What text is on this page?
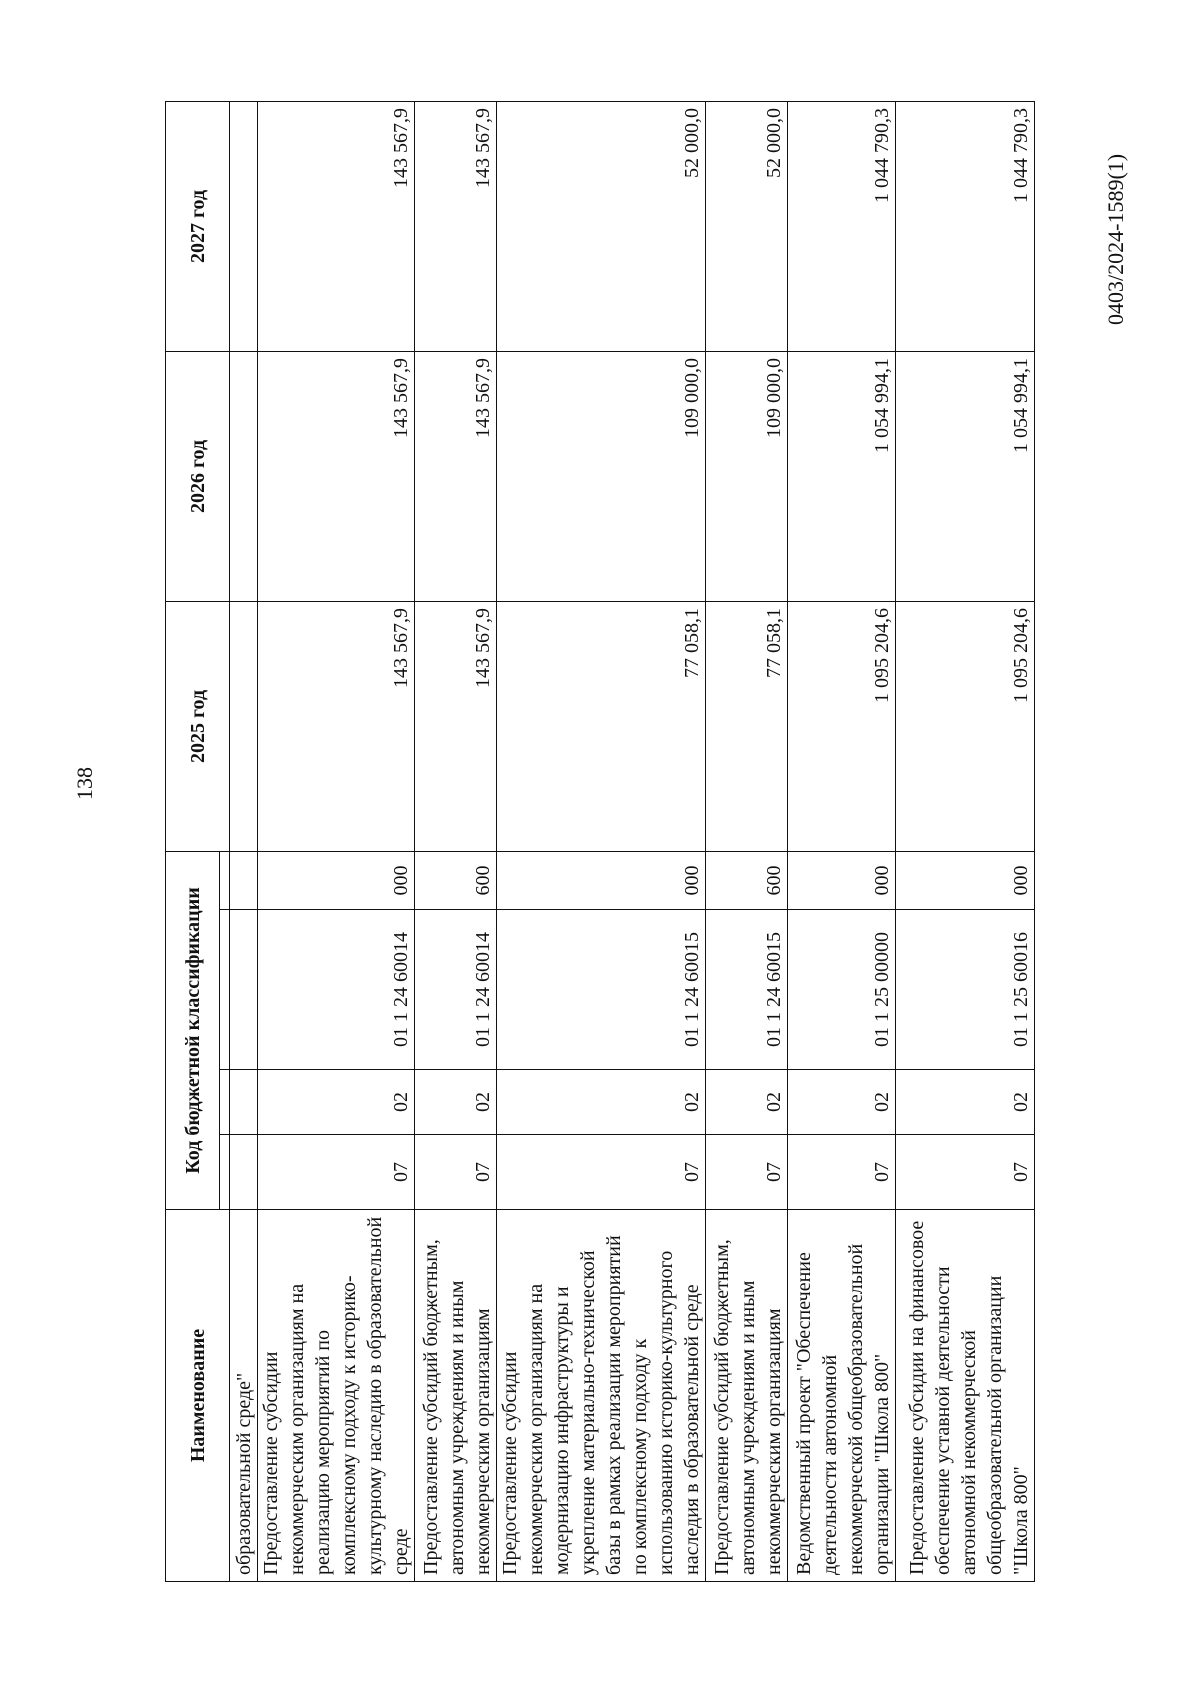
138
0403/2024-1589(1)
Наименование	Код бюджетной классификации				2025 год	2026 год	2027 год

образовательной среде"							
Предоставление субсидии некоммерческим организациям на реализацию мероприятий по комплексному подходу к историко-культурному наследию в образовательной среде	07	02	01 1 24 60014	000	143 567,9	143 567,9	143 567,9
Предоставление субсидий бюджетным, автономным учреждениям и иным некоммерческим организациям	07	02	01 1 24 60014	600	143 567,9	143 567,9	143 567,9
Предоставление субсидии некоммерческим организациям на модернизацию инфраструктуры и укрепление материально-технической базы в рамках реализации мероприятий по комплексному подходу к использованию историко-культурного наследия в образовательной среде	07	02	01 1 24 60015	000	77 058,1	109 000,0	52 000,0
Предоставление субсидий бюджетным, автономным учреждениям и иным некоммерческим организациям	07	02	01 1 24 60015	600	77 058,1	109 000,0	52 000,0
Ведомственный проект "Обеспечение деятельности автономной некоммерческой общеобразовательной организации "Школа 800"	07	02	01 1 25 00000	000	1 095 204,6	1 054 994,1	1 044 790,3
Предоставление субсидии на финансовое обеспечение уставной деятельности автономной некоммерческой общеобразовательной организации "Школа 800"	07	02	01 1 25 60016	000	1 095 204,6	1 054 994,1	1 044 790,3
